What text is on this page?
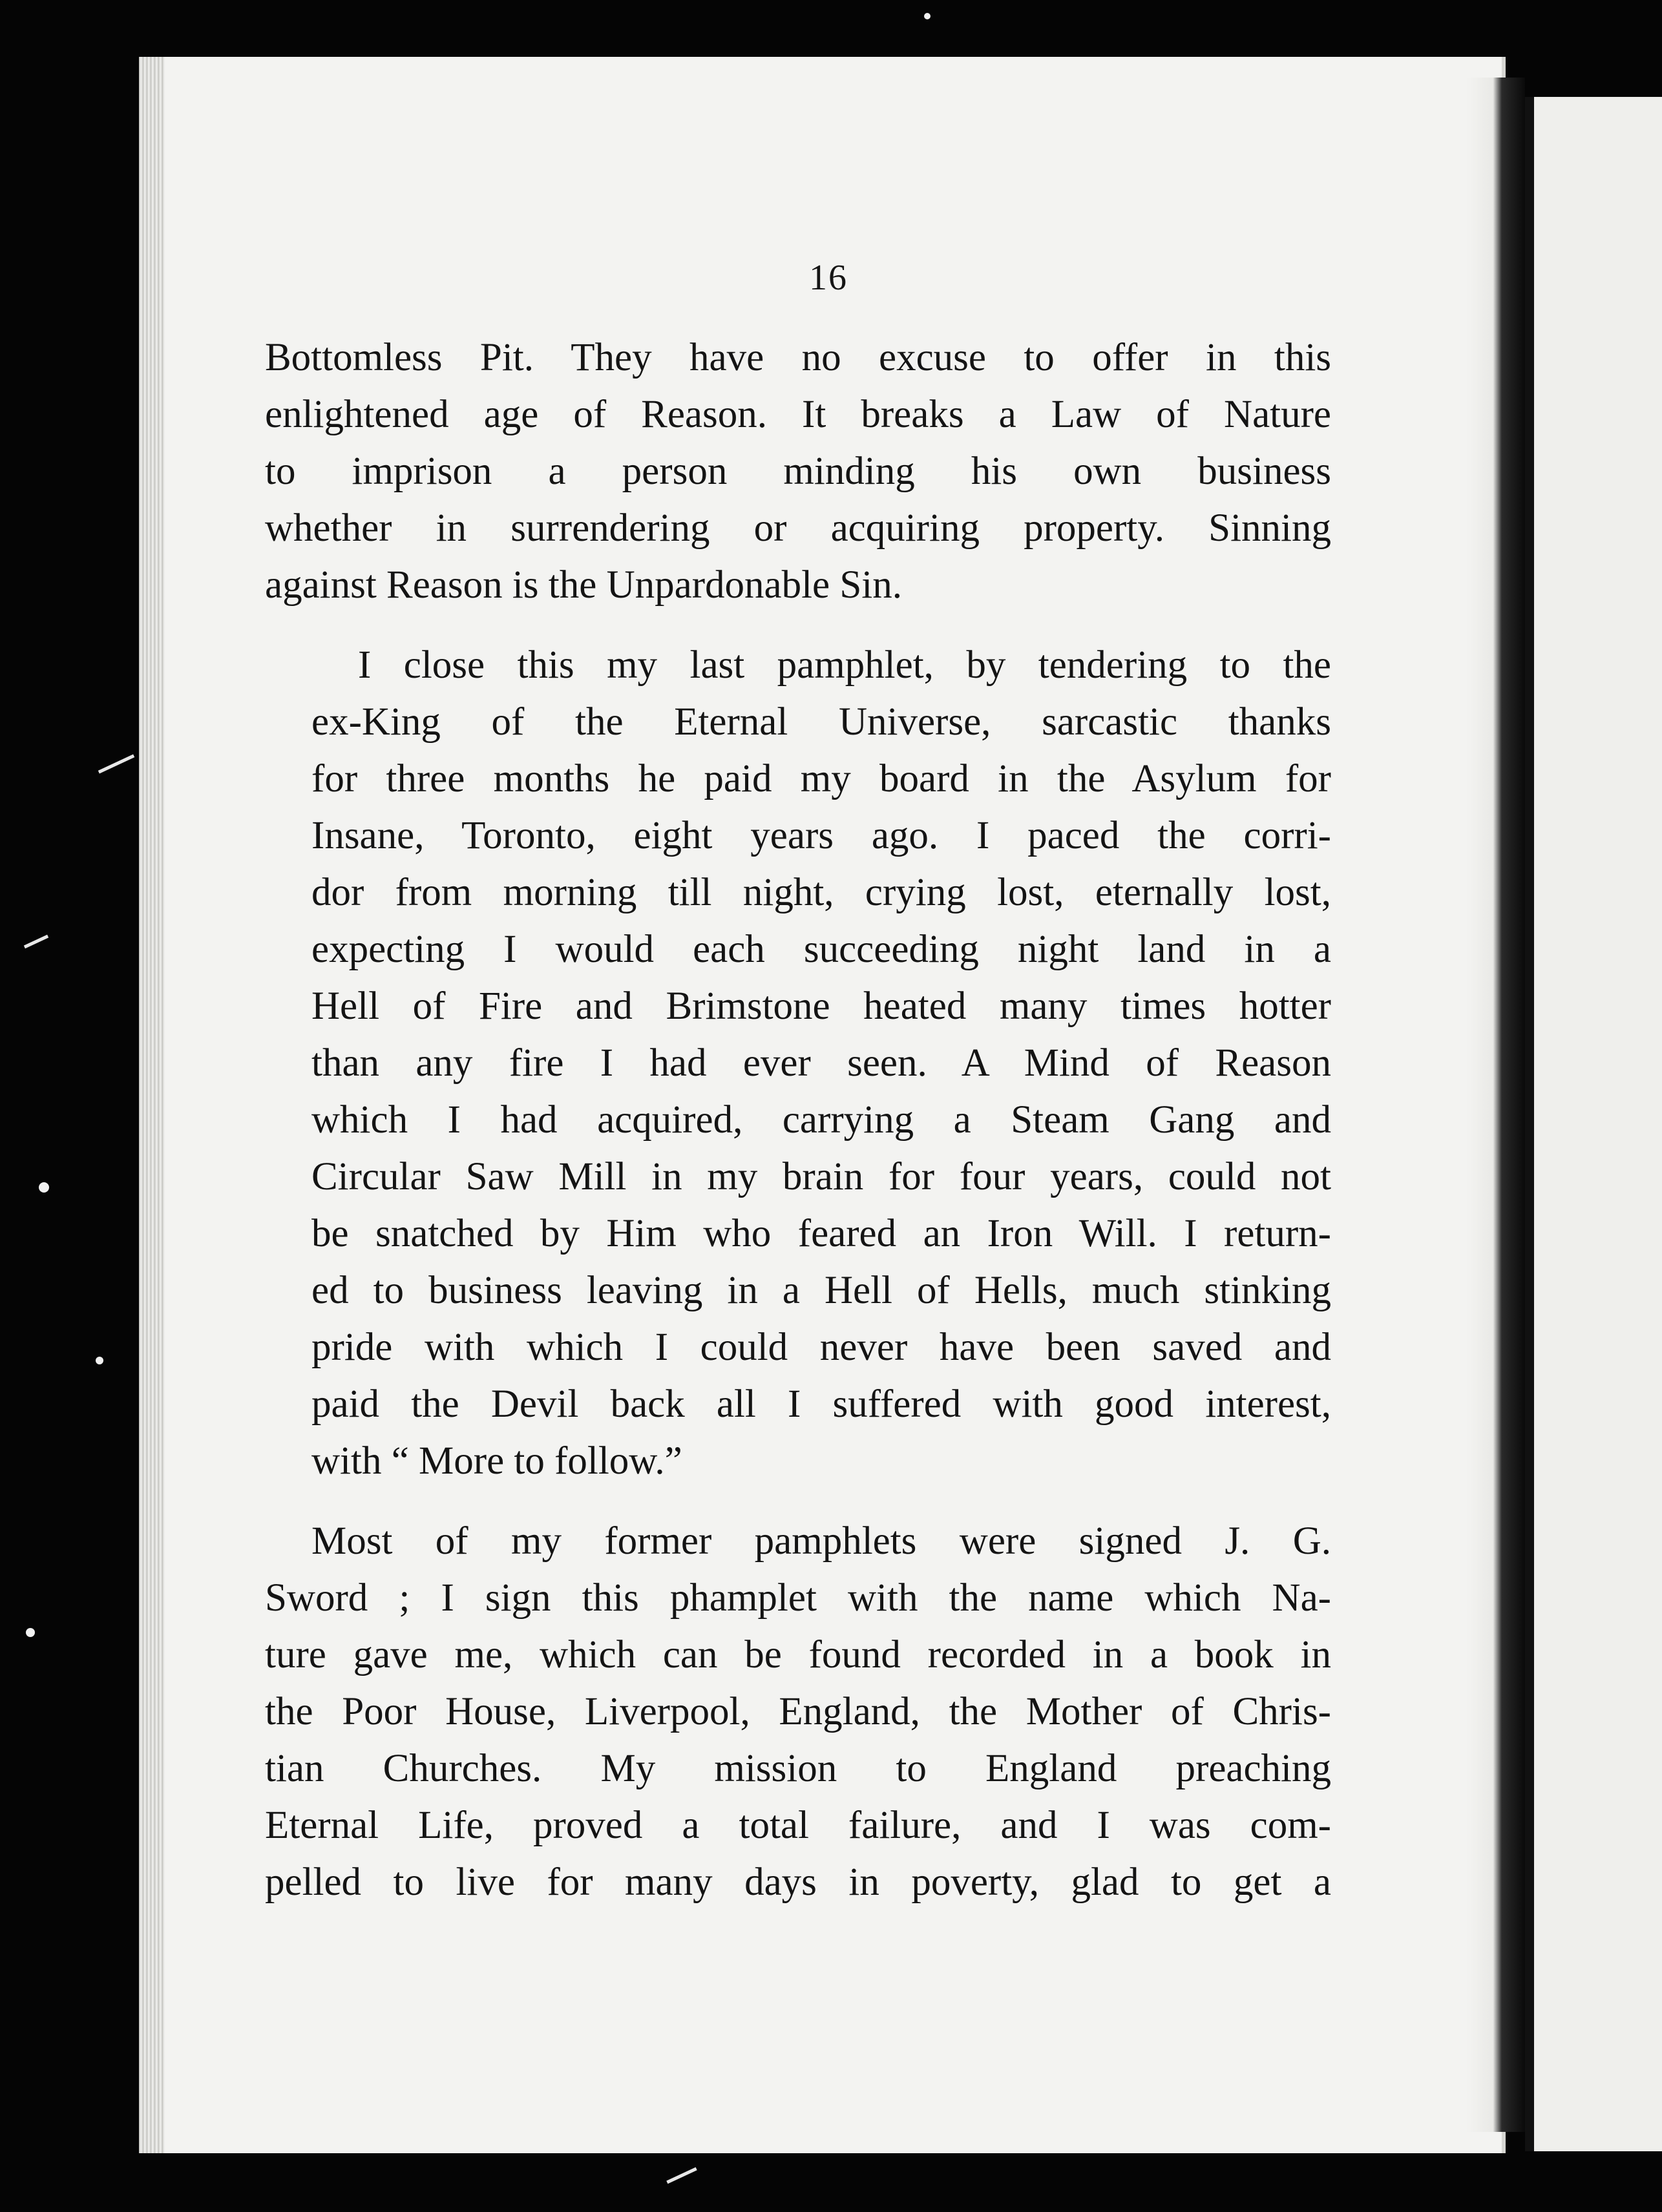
16
Bottomless Pit. They have no excuse to offer in this
enlightened age of Reason. It breaks a Law of Nature
to imprison a person minding his own business
whether in surrendering or acquiring property. Sinning
against Reason is the Unpardonable Sin.
I close this my last pamphlet, by tendering to the
ex-King of the Eternal Universe, sarcastic thanks
for three months he paid my board in the Asylum for
Insane, Toronto, eight years ago. I paced the corri-
dor from morning till night, crying lost, eternally lost,
expecting I would each succeeding night land in a
Hell of Fire and Brimstone heated many times hotter
than any fire I had ever seen. A Mind of Reason
which I had acquired, carrying a Steam Gang and
Circular Saw Mill in my brain for four years, could not
be snatched by Him who feared an Iron Will. I return-
ed to business leaving in a Hell of Hells, much stinking
pride with which I could never have been saved and
paid the Devil back all I suffered with good interest,
with “ More to follow.”
Most of my former pamphlets were signed J. G.
Sword ; I sign this phamplet with the name which Na-
ture gave me, which can be found recorded in a book in
the Poor House, Liverpool, England, the Mother of Chris-
tian Churches. My mission to England preaching
Eternal Life, proved a total failure, and I was com-
pelled to live for many days in poverty, glad to get a
